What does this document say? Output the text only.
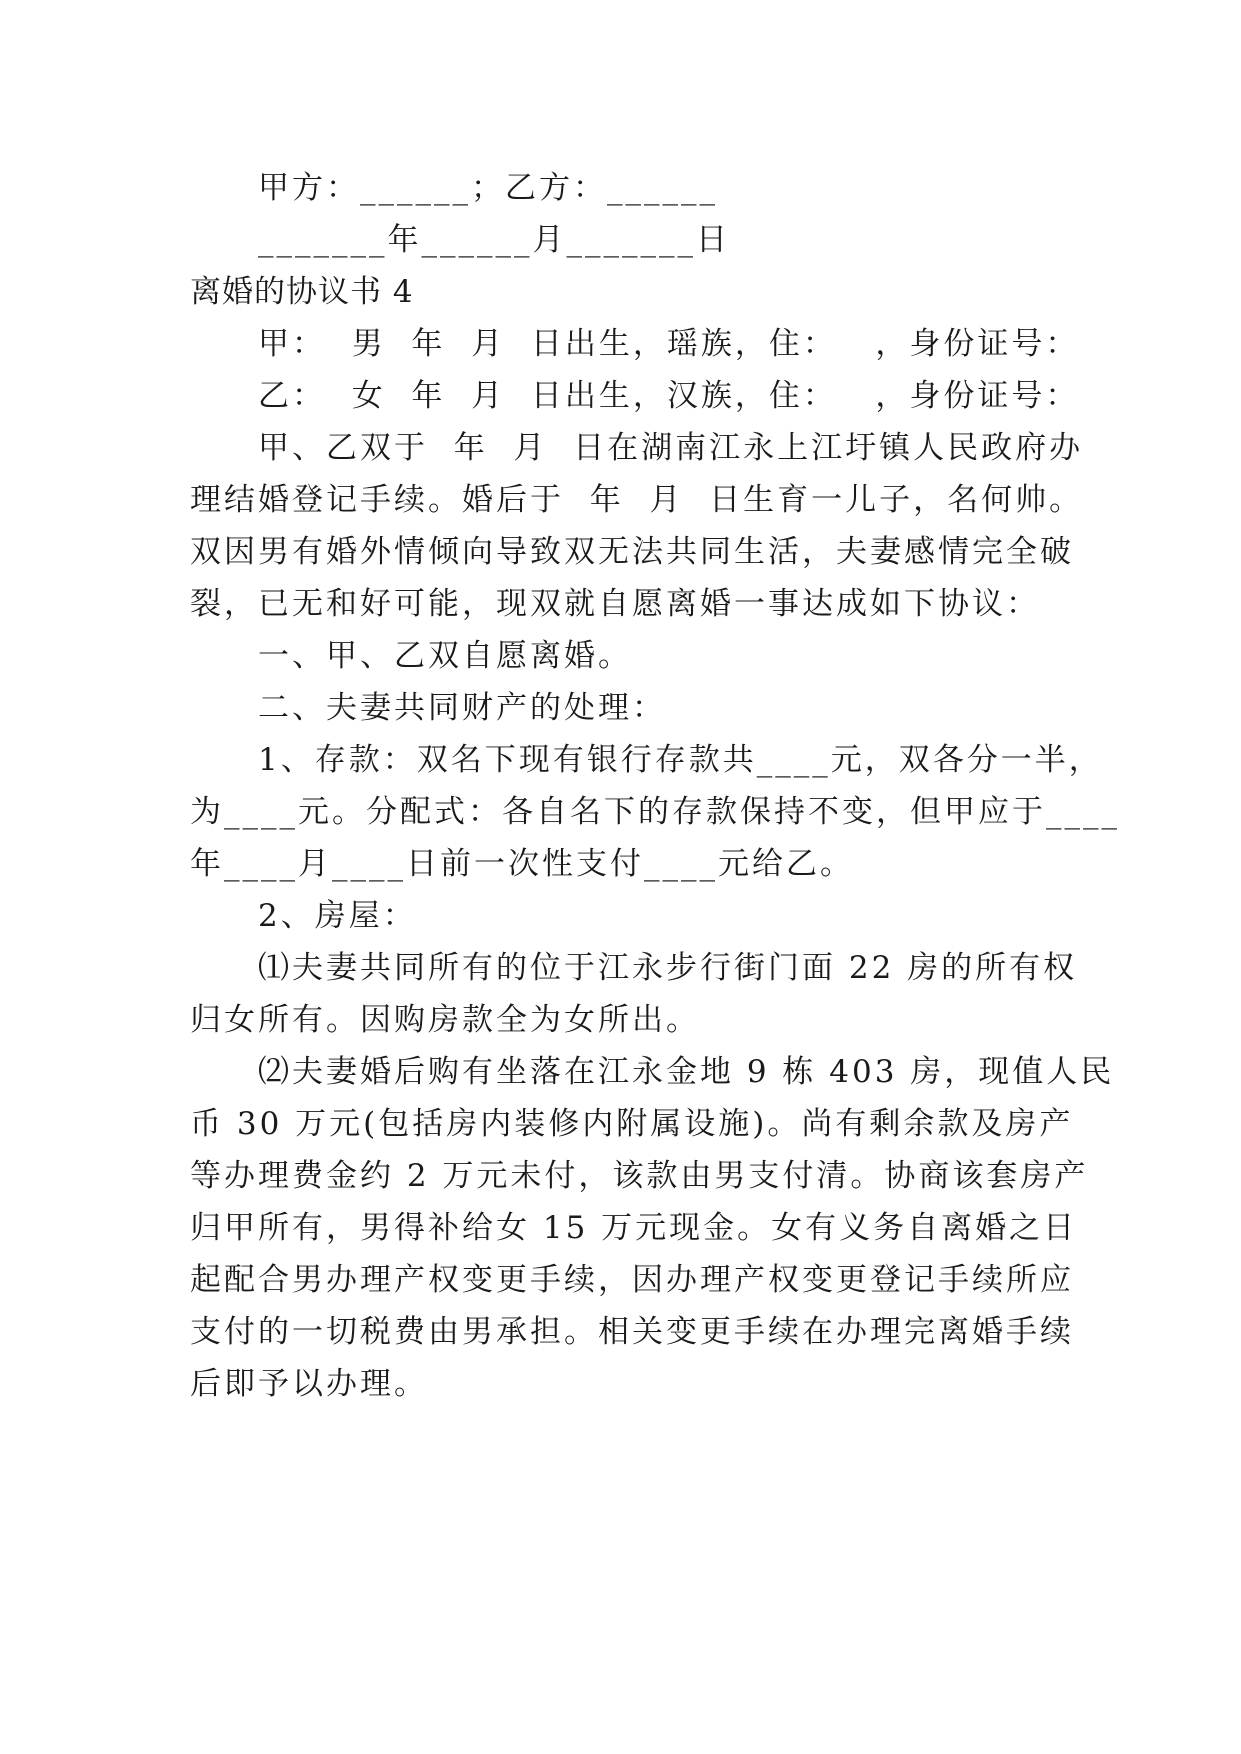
甲方：______；乙方：______
_______年______月_______日
离婚的协议书 4
甲：  男  年  月  日出生，瑶族，住：   ，身份证号：
乙：  女  年  月  日出生，汉族，住：   ，身份证号：
甲、乙双于  年  月  日在湖南江永上江圩镇人民政府办
理结婚登记手续。婚后于  年  月  日生育一儿子，名何帅。
双因男有婚外情倾向导致双无法共同生活，夫妻感情完全破
裂，已无和好可能，现双就自愿离婚一事达成如下协议：
一、甲、乙双自愿离婚。
二、夫妻共同财产的处理：
1、存款：双名下现有银行存款共____元，双各分一半，
为____元。分配式：各自名下的存款保持不变，但甲应于____
年____月____日前一次性支付____元给乙。
2、房屋：
⑴夫妻共同所有的位于江永步行街门面 22 房的所有权
归女所有。因购房款全为女所出。
⑵夫妻婚后购有坐落在江永金地 9 栋 403 房，现值人民
币 30 万元(包括房内装修内附属设施)。尚有剩余款及房产
等办理费金约 2 万元未付，该款由男支付清。协商该套房产
归甲所有，男得补给女 15 万元现金。女有义务自离婚之日
起配合男办理产权变更手续，因办理产权变更登记手续所应
支付的一切税费由男承担。相关变更手续在办理完离婚手续
后即予以办理。
